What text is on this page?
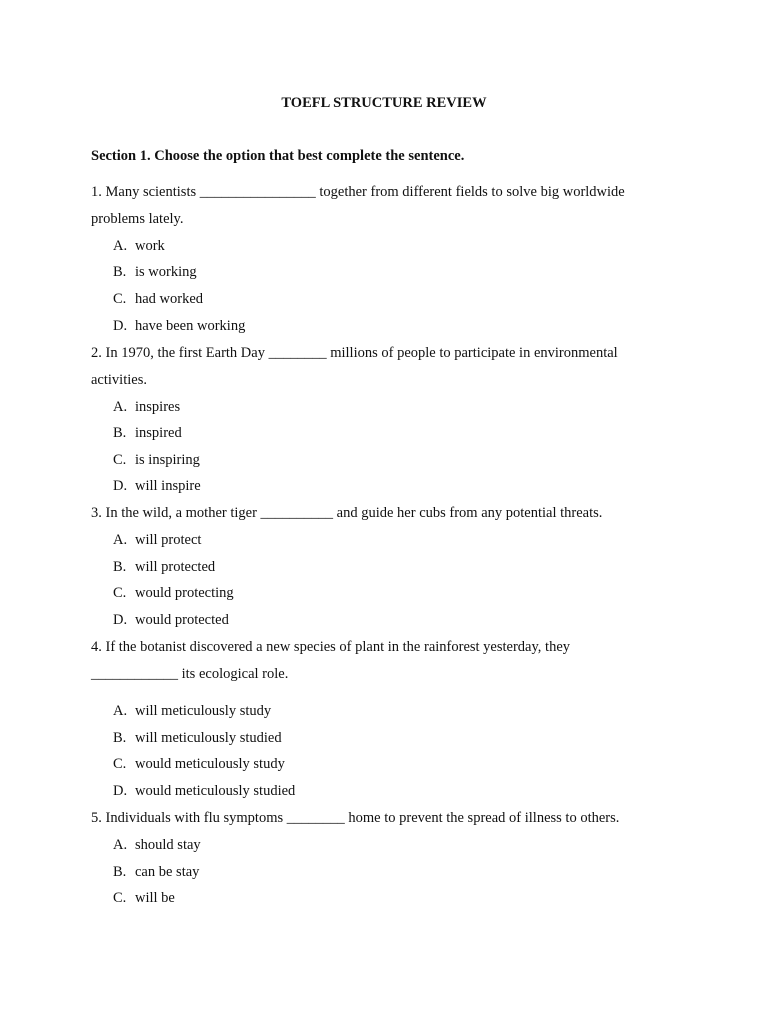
TOEFL STRUCTURE REVIEW
Section 1. Choose the option that best complete the sentence.
1. Many scientists ________________ together from different fields to solve big worldwide
problems lately.
A. work
B. is working
C. had worked
D. have been working
2. In 1970, the first Earth Day ________ millions of people to participate in environmental
activities.
A. inspires
B. inspired
C. is inspiring
D. will inspire
3. In the wild, a mother tiger __________ and guide her cubs from any potential threats.
A. will protect
B. will protected
C. would protecting
D. would protected
4. If the botanist discovered a new species of plant in the rainforest yesterday, they
____________ its ecological role.
A. will meticulously study
B. will meticulously studied
C. would meticulously study
D. would meticulously studied
5. Individuals with flu symptoms ________ home to prevent the spread of illness to others.
A. should stay
B. can be stay
C. will be
